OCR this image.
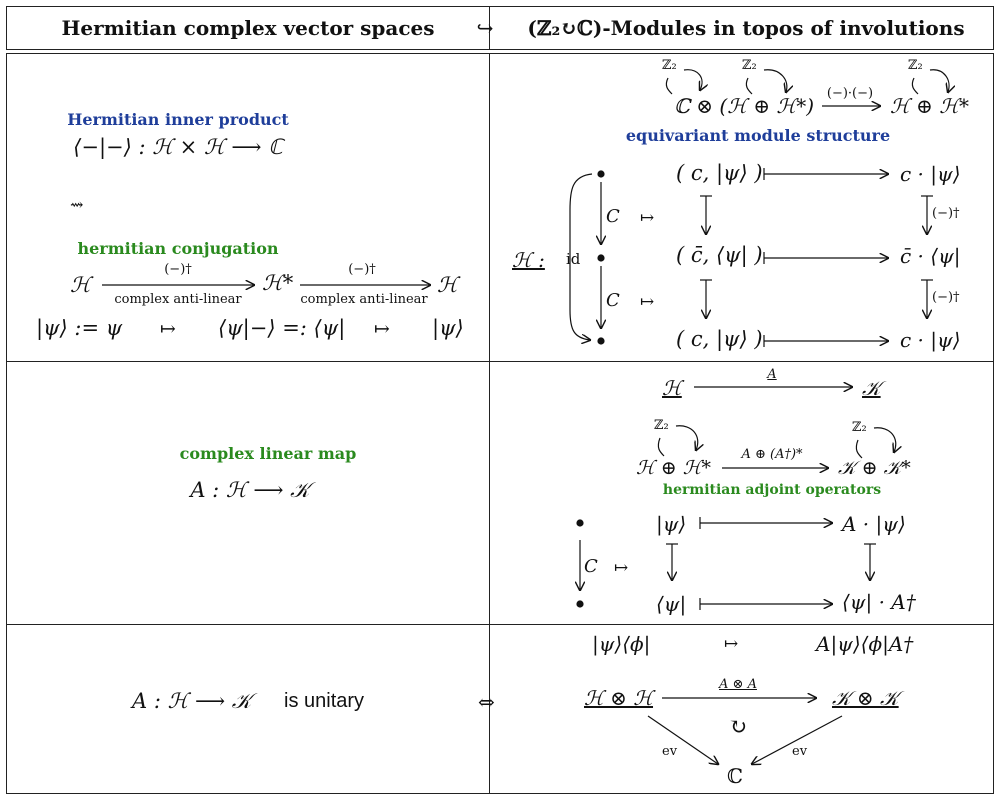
Hermitian complex vector spaces ↪ (ℤ₂↻ℂ)-Modules in topos of involutions
Hermitian inner product
⟨−|−⟩ : ℋ × ℋ ⟶ ℂ
⇝
hermitian conjugation
ℋ	ℋ*	ℋ
(−)†	(−)†
complex anti-linear	complex anti-linear
|ψ⟩ := ψ ↦ ⟨ψ|−⟩ =: ⟨ψ| ↦ |ψ⟩
ℤ₂	ℤ₂	ℤ₂
ℂ ⊗ (ℋ ⊕ ℋ*)
(−)·(−)
ℋ ⊕ ℋ*
equivariant module structure
ℋ : id
C
C
↦
↦
( c, |ψ⟩ )	c · |ψ⟩
( c̄, ⟨ψ| )	c̄ · ⟨ψ|
( c, |ψ⟩ )	c · |ψ⟩
(−)†
(−)†
complex linear map
A : ℋ ⟶ 𝒦
ℋ
A
𝒦
ℤ₂	ℤ₂
ℋ ⊕ ℋ*
A ⊕ (A†)*
𝒦 ⊕ 𝒦*
hermitian adjoint operators
C ↦
|ψ⟩	A · |ψ⟩
⟨ψ|	⟨ψ| · A†
A : ℋ ⟶ 𝒦 is unitary	⇔
|ψ⟩⟨ϕ|	↦	A|ψ⟩⟨ϕ|A†
ℋ ⊗ ℋ
A ⊗ A
𝒦 ⊗ 𝒦
↻
ev	ev
ℂ
